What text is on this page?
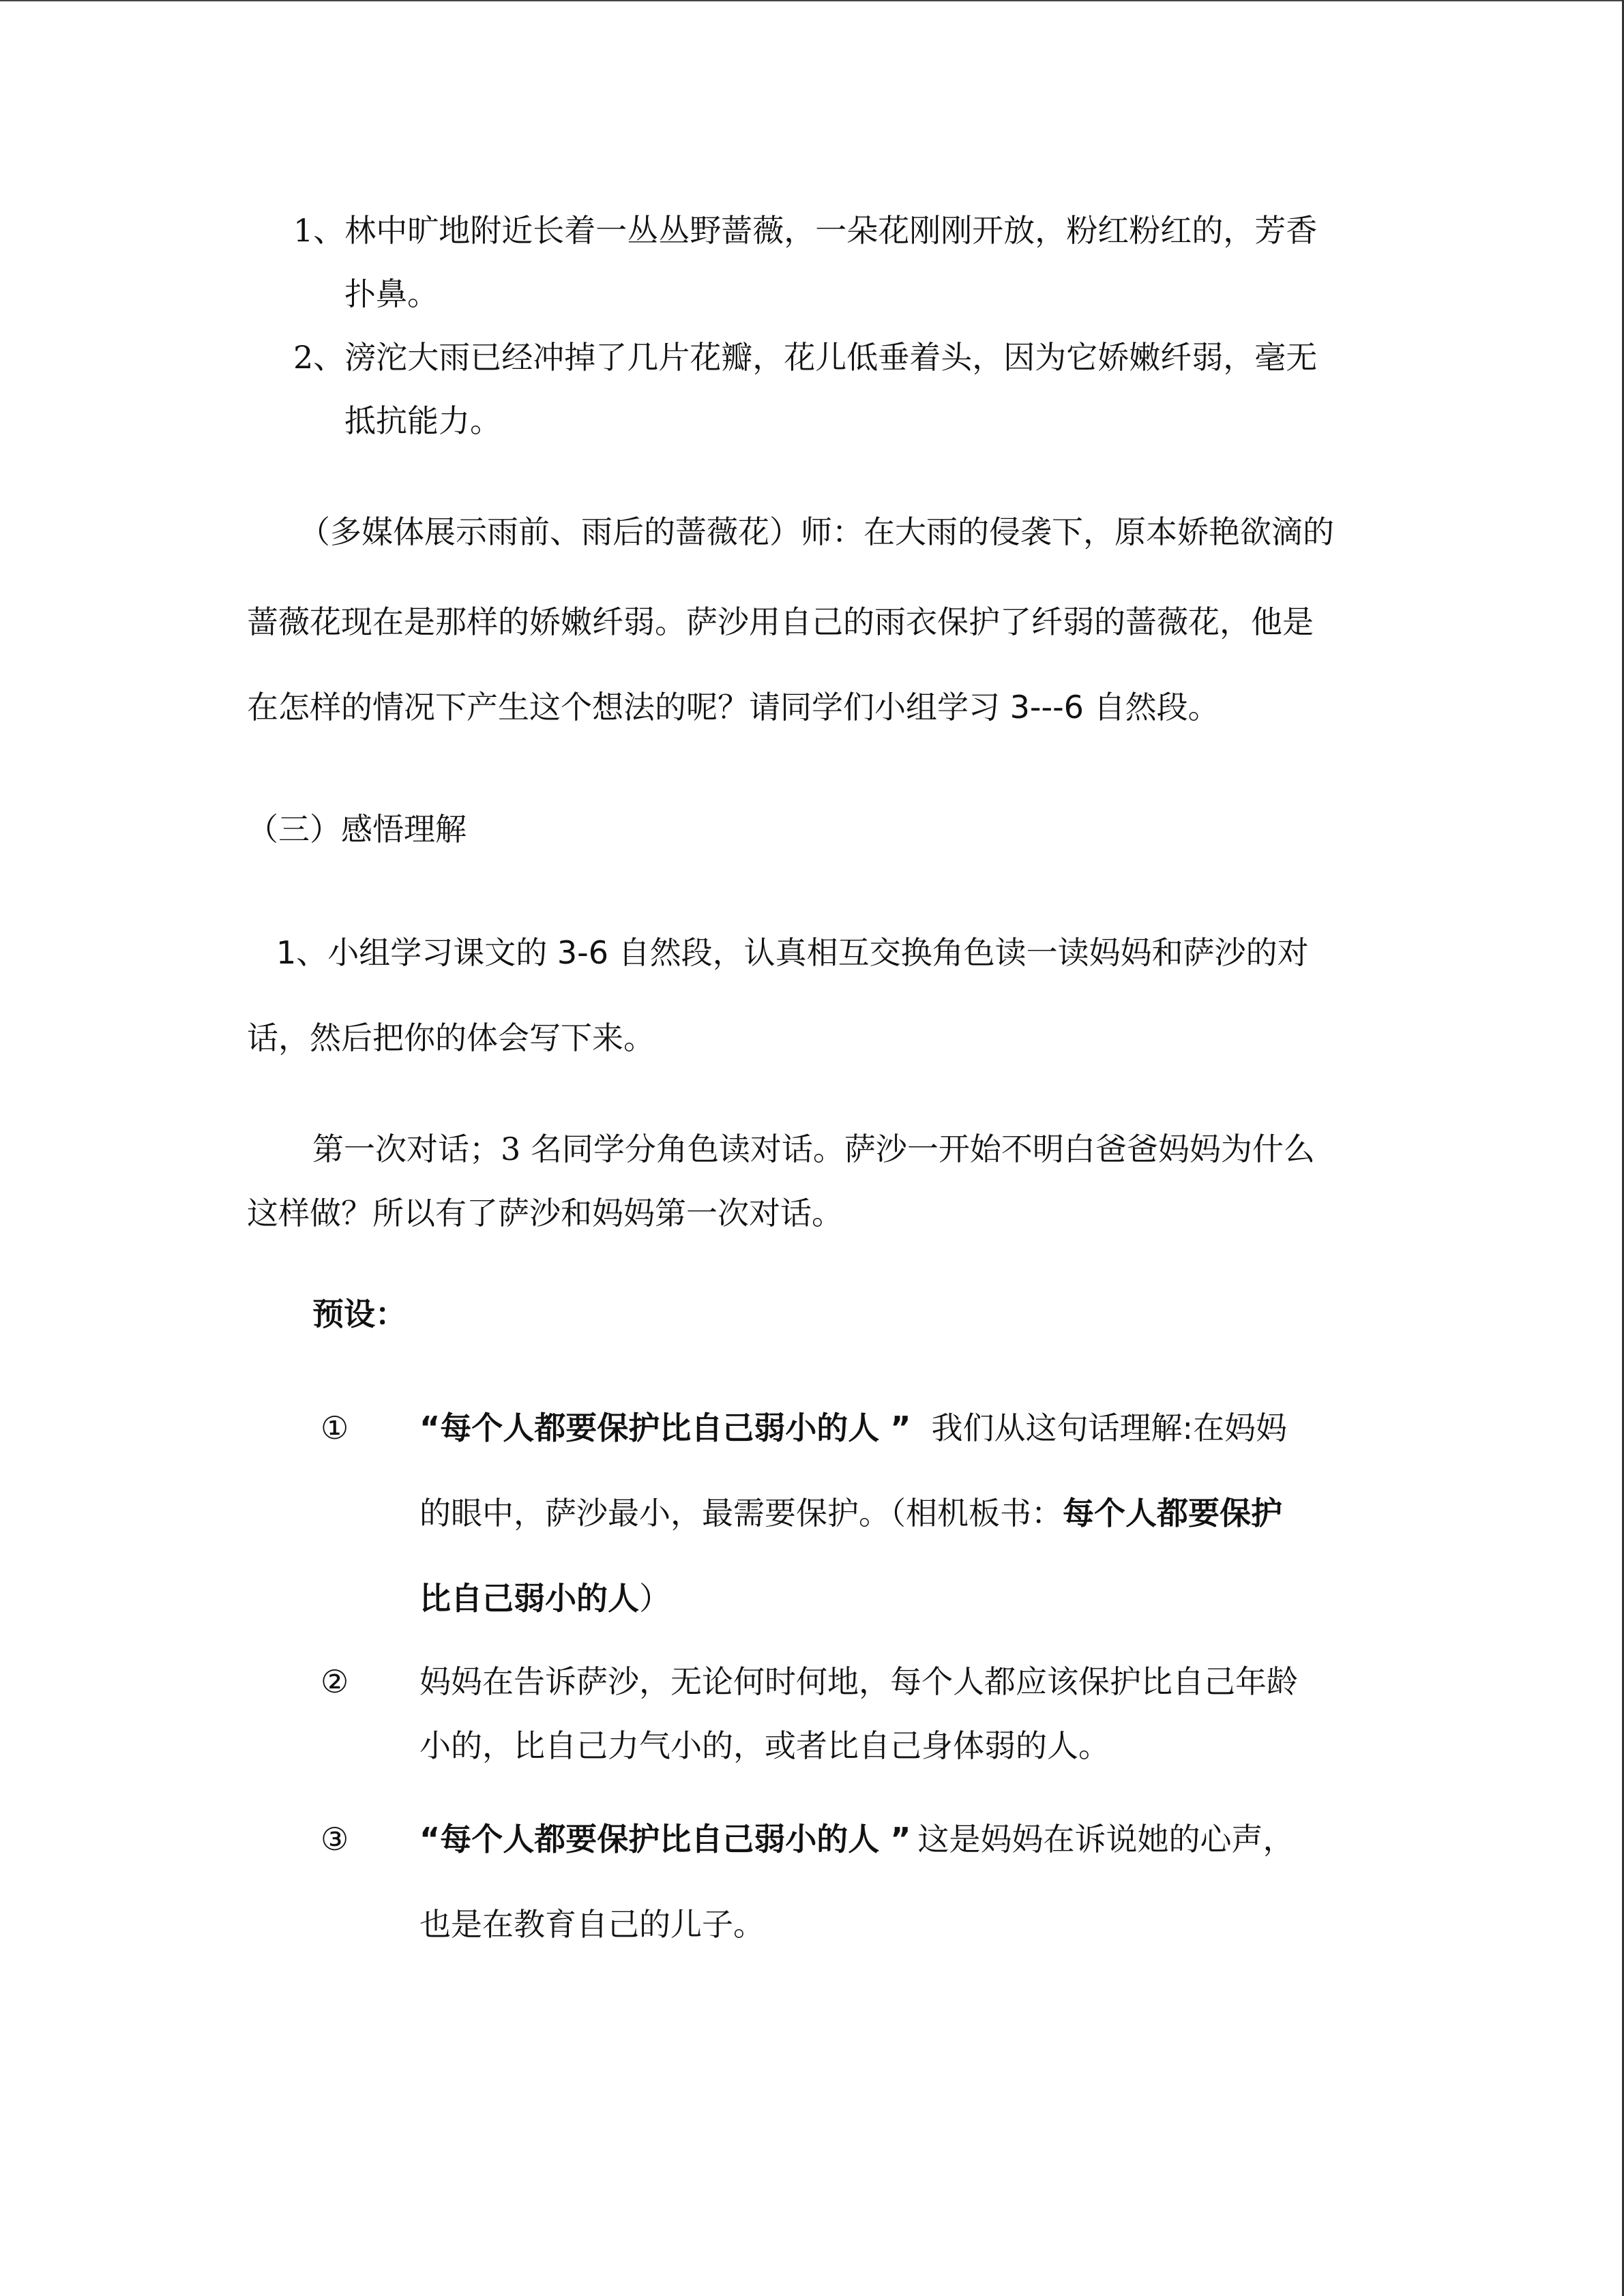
1、林中旷地附近长着一丛丛野蔷薇，一朵花刚刚开放，粉红粉红的，芳香
扑鼻。
2、滂沱大雨已经冲掉了几片花瓣，花儿低垂着头，因为它娇嫩纤弱，毫无
抵抗能力。
（多媒体展示雨前、雨后的蔷薇花）师：在大雨的侵袭下，原本娇艳欲滴的
蔷薇花现在是那样的娇嫩纤弱。萨沙用自己的雨衣保护了纤弱的蔷薇花，他是
在怎样的情况下产生这个想法的呢？请同学们小组学习 3---6 自然段。
（三）感悟理解
1、小组学习课文的 3-6 自然段，认真相互交换角色读一读妈妈和萨沙的对
话，然后把你的体会写下来。
第一次对话；3 名同学分角色读对话。萨沙一开始不明白爸爸妈妈为什么
这样做？所以有了萨沙和妈妈第一次对话。
预设：
① “每个人都要保护比自己弱小的人 ” 我们从这句话理解:在妈妈
的眼中，萨沙最小，最需要保护。（相机板书：每个人都要保护
比自己弱小的人）
② 妈妈在告诉萨沙，无论何时何地，每个人都应该保护比自己年龄
小的，比自己力气小的，或者比自己身体弱的人。
③ “每个人都要保护比自己弱小的人 ” 这是妈妈在诉说她的心声，
也是在教育自己的儿子。
